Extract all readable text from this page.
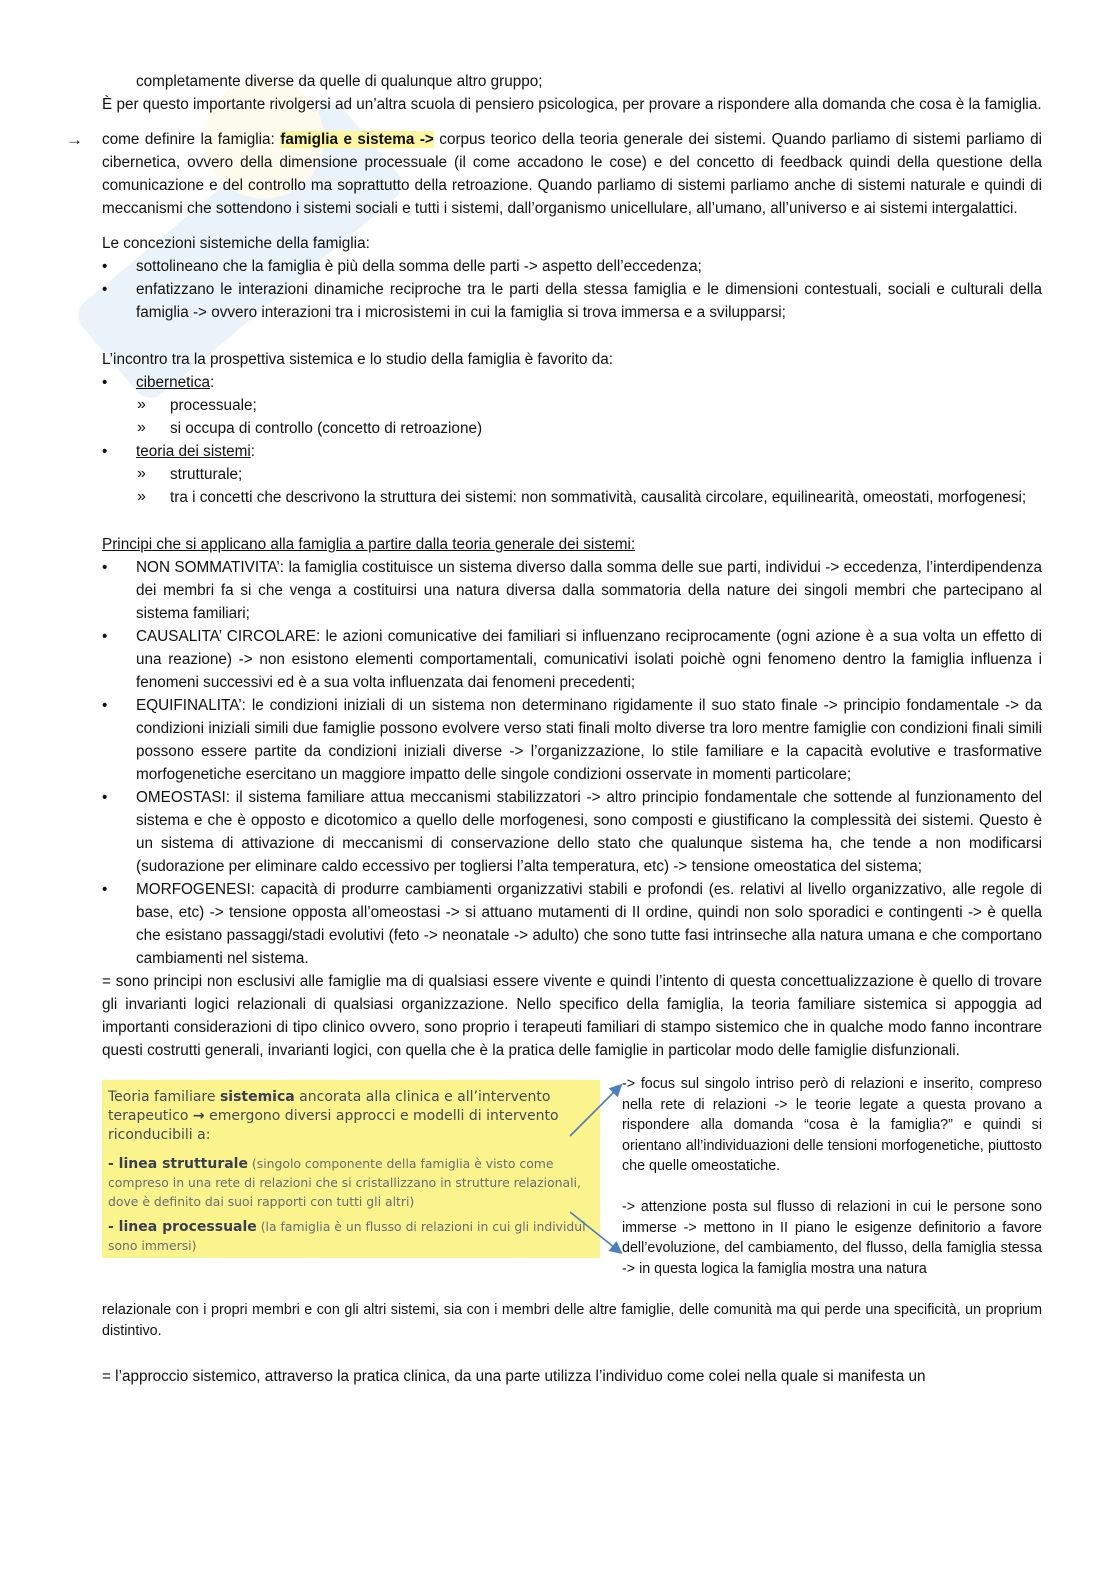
completamente diverse da quelle di qualunque altro gruppo;

È per questo importante rivolgersi ad un’altra scuola di pensiero psicologica, per provare a rispondere alla domanda che cosa è la famiglia.

→ come definire la famiglia: famiglia e sistema -> corpus teorico della teoria generale dei sistemi. Quando parliamo di sistemi parliamo di cibernetica, ovvero della dimensione processuale (il come accadono le cose) e del concetto di feedback quindi della questione della comunicazione e del controllo ma soprattutto della retroazione. Quando parliamo di sistemi parliamo anche di sistemi naturale e quindi di meccanismi che sottendono i sistemi sociali e tutti i sistemi, dall’organismo unicellulare, all’umano, all’universo e ai sistemi intergalattici.

Le concezioni sistemiche della famiglia:

• sottolineano che la famiglia è più della somma delle parti -> aspetto dell’eccedenza;
• enfatizzano le interazioni dinamiche reciproche tra le parti della stessa famiglia e le dimensioni contestuali, sociali e culturali della famiglia -> ovvero interazioni tra i microsistemi in cui la famiglia si trova immersa e a svilupparsi;

L’incontro tra la prospettiva sistemica e lo studio della famiglia è favorito da:

• cibernetica:
» processuale;
» si occupa di controllo (concetto di retroazione)
• teoria dei sistemi:
» strutturale;
» tra i concetti che descrivono la struttura dei sistemi: non sommatività, causalità circolare, equilinearità, omeostati, morfogenesi;

Principi che si applicano alla famiglia a partire dalla teoria generale dei sistemi:

• NON SOMMATIVITA’: la famiglia costituisce un sistema diverso dalla somma delle sue parti, individui -> eccedenza, l’interdipendenza dei membri fa si che venga a costituirsi una natura diversa dalla sommatoria della nature dei singoli membri che partecipano al sistema familiari;
• CAUSALITA’ CIRCOLARE: le azioni comunicative dei familiari si influenzano reciprocamente (ogni azione è a sua volta un effetto di una reazione) -> non esistono elementi comportamentali, comunicativi isolati poichè ogni fenomeno dentro la famiglia influenza i fenomeni successivi ed è a sua volta influenzata dai fenomeni precedenti;
• EQUIFINALITA’: le condizioni iniziali di un sistema non determinano rigidamente il suo stato finale -> principio fondamentale -> da condizioni iniziali simili due famiglie possono evolvere verso stati finali molto diverse tra loro mentre famiglie con condizioni finali simili possono essere partite da condizioni iniziali diverse -> l’organizzazione, lo stile familiare e la capacità evolutive e trasformative morfogenetiche esercitano un maggiore impatto delle singole condizioni osservate in momenti particolare;
• OMEOSTASI: il sistema familiare attua meccanismi stabilizzatori -> altro principio fondamentale che sottende al funzionamento del sistema e che è opposto e dicotomico a quello delle morfogenesi, sono composti e giustificano la complessità dei sistemi. Questo è un sistema di attivazione di meccanismi di conservazione dello stato che qualunque sistema ha, che tende a non modificarsi (sudorazione per eliminare caldo eccessivo per togliersi l’alta temperatura, etc) -> tensione omeostatica del sistema;
• MORFOGENESI: capacità di produrre cambiamenti organizzativi stabili e profondi (es. relativi al livello organizzativo, alle regole di base, etc) -> tensione opposta all’omeostasi -> si attuano mutamenti di II ordine, quindi non solo sporadici e contingenti -> è quella che esistano passaggi/stadi evolutivi (feto -> neonatale -> adulto) che sono tutte fasi intrinseche alla natura umana e che comportano cambiamenti nel sistema.

= sono principi non esclusivi alle famiglie ma di qualsiasi essere vivente e quindi l’intento di questa concettualizzazione è quello di trovare gli invarianti logici relazionali di qualsiasi organizzazione. Nello specifico della famiglia, la teoria familiare sistemica si appoggia ad importanti considerazioni di tipo clinico ovvero, sono proprio i terapeuti familiari di stampo sistemico che in qualche modo fanno incontrare questi costrutti generali, invarianti logici, con quella che è la pratica delle famiglie in particolar modo delle famiglie disfunzionali.

Teoria familiare sistemica ancorata alla clinica e all’intervento terapeutico → emergono diversi approcci e modelli di intervento riconducibili a:
- linea strutturale (singolo componente della famiglia è visto come compreso in una rete di relazioni che si cristallizzano in strutture relazionali, dove è definito dai suoi rapporti con tutti gli altri)
- linea processuale (la famiglia è un flusso di relazioni in cui gli individui sono immersi)

-> focus sul singolo intriso però di relazioni e inserito, compreso nella rete di relazioni -> le teorie legate a questa provano a rispondere alla domanda “cosa è la famiglia?” e quindi si orientano all’individuazioni delle tensioni morfogenetiche, piuttosto che quelle omeostatiche.

-> attenzione posta sul flusso di relazioni in cui le persone sono immerse -> mettono in II piano le esigenze definitorio a favore dell’evoluzione, del cambiamento, del flusso, della famiglia stessa -> in questa logica la famiglia mostra una natura

relazionale con i propri membri e con gli altri sistemi, sia con i membri delle altre famiglie, delle comunità ma qui perde una specificità, un proprium distintivo.

= l’approccio sistemico, attraverso la pratica clinica, da una parte utilizza l’individuo come colei nella quale si manifesta un
